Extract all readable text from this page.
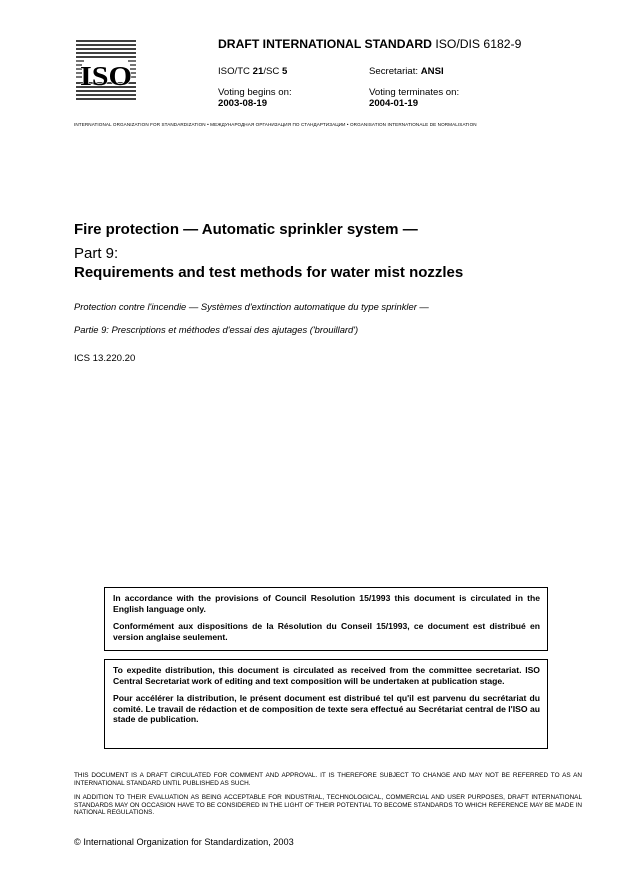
ISO
DRAFT INTERNATIONAL STANDARD ISO/DIS 6182-9
ISO/TC 21/SC 5	Secretariat: ANSI
Voting begins on:
2003-08-19
Voting terminates on:
2004-01-19
INTERNATIONAL ORGANIZATION FOR STANDARDIZATION • МЕЖДУНАРОДНАЯ ОРГАНИЗАЦИЯ ПО СТАНДАРТИЗАЦИИ • ORGANISATION INTERNATIONALE DE NORMALISATION
Fire protection — Automatic sprinkler system —
Part 9:
Requirements and test methods for water mist nozzles
Protection contre l'incendie — Systèmes d'extinction automatique du type sprinkler —
Partie 9: Prescriptions et méthodes d'essai des ajutages ('brouillard')
ICS 13.220.20

In accordance with the provisions of Council Resolution 15/1993 this document is circulated in the English language only.

Conformément aux dispositions de la Résolution du Conseil 15/1993, ce document est distribué en version anglaise seulement.

To expedite distribution, this document is circulated as received from the committee secretariat. ISO Central Secretariat work of editing and text composition will be undertaken at publication stage.

Pour accélérer la distribution, le présent document est distribué tel qu'il est parvenu du secrétariat du comité. Le travail de rédaction et de composition de texte sera effectué au Secrétariat central de l'ISO au stade de publication.

THIS DOCUMENT IS A DRAFT CIRCULATED FOR COMMENT AND APPROVAL. IT IS THEREFORE SUBJECT TO CHANGE AND MAY NOT BE REFERRED TO AS AN INTERNATIONAL STANDARD UNTIL PUBLISHED AS SUCH.
IN ADDITION TO THEIR EVALUATION AS BEING ACCEPTABLE FOR INDUSTRIAL, TECHNOLOGICAL, COMMERCIAL AND USER PURPOSES, DRAFT INTERNATIONAL STANDARDS MAY ON OCCASION HAVE TO BE CONSIDERED IN THE LIGHT OF THEIR POTENTIAL TO BECOME STANDARDS TO WHICH REFERENCE MAY BE MADE IN NATIONAL REGULATIONS.
© International Organization for Standardization, 2003
